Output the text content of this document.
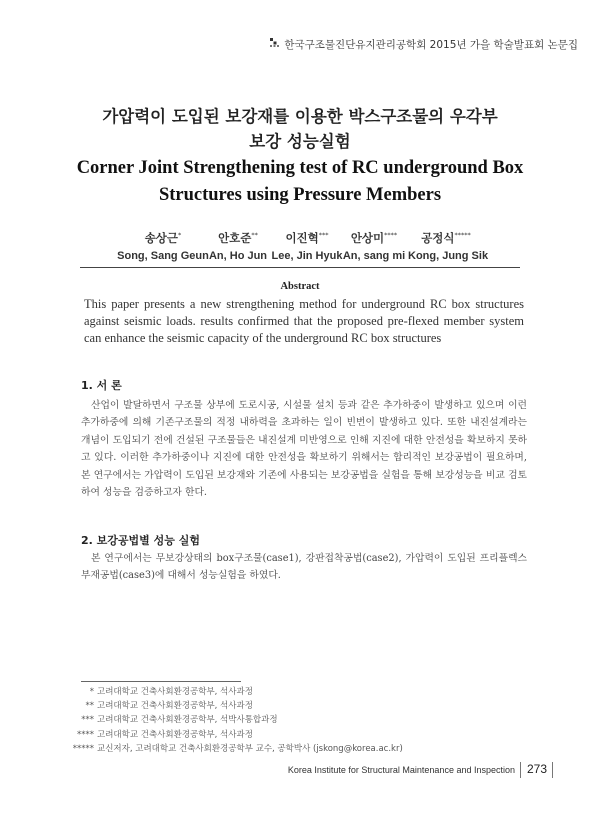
한국구조물진단유지관리공학회 2015년 가을 학술발표회 논문집
가압력이 도입된 보강재를 이용한 박스구조물의 우각부
보강 성능실험
Corner Joint Strengthening test of RC underground Box
Structures using Pressure Members
송상근*
Song, Sang Geun
안호준**
An, Ho Jun
이진혁***
Lee, Jin Hyuk
안상미****
An, sang mi
공정식*****
Kong, Jung Sik
Abstract

This paper presents a new strengthening method for underground RC box structures against seismic loads. results confirmed that the proposed pre-flexed member system can enhance the seismic capacity of the underground RC box structures

1. 서 론
산업이 발달하면서 구조물 상부에 도로시공, 시설물 설치 등과 같은 추가하중이 발생하고 있으며 이런 추가하중에 의해 기존구조물의 적정 내하력을 초과하는 일이 빈번이 발생하고 있다. 또한 내진설계라는 개념이 도입되기 전에 건설된 구조물들은 내진설계 미반영으로 인해 지진에 대한 안전성을 확보하지 못하고 있다. 이러한 추가하중이나 지진에 대한 안전성을 확보하기 위해서는 합리적인 보강공법이 필요하며, 본 연구에서는 가압력이 도입된 보강재와 기존에 사용되는 보강공법을 실험을 통해 보강성능을 비교 검토하여 성능을 검증하고자 한다.
2. 보강공법별 성능 실험
본 연구에서는 무보강상태의 box구조물(case1), 강판접착공법(case2), 가압력이 도입된 프리플렉스부재공법(case3)에 대해서 성능실험을 하였다.
* 고려대학교 건축사회환경공학부, 석사과정
** 고려대학교 건축사회환경공학부, 석사과정
*** 고려대학교 건축사회환경공학부, 석박사통합과정
**** 고려대학교 건축사회환경공학부, 석사과정
***** 교신저자, 고려대학교 건축사회환경공학부 교수, 공학박사 (jskong@korea.ac.kr)
Korea Institute for Structural Maintenance and Inspection 273
